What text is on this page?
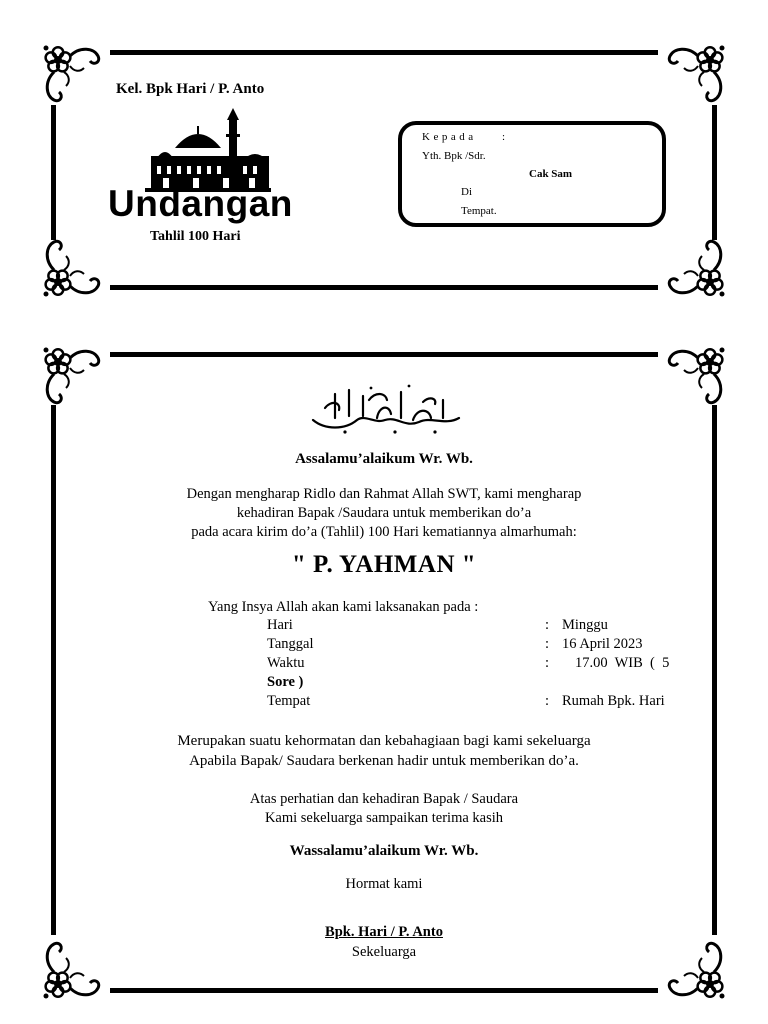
Kel. Bpk Hari / P. Anto
Undangan
Tahlil 100 Hari
Kepada :
Yth. Bpk /Sdr.
Cak Sam
Di
Tempat.
Assalamu’alaikum Wr. Wb.
Dengan mengharap Ridlo dan Rahmat Allah SWT, kami mengharap
kehadiran Bapak /Saudara untuk memberikan do’a
pada acara kirim do’a (Tahlil) 100 Hari kematiannya almarhumah:
" P. YAHMAN "
Yang Insya Allah akan kami laksanakan pada :
Hari	: Minggu
Tanggal	: 16 April 2023
Waktu	: 17.00  WIB  (  5
Sore )
Tempat	: Rumah Bpk. Hari
Merupakan suatu kehormatan dan kebahagiaan bagi kami sekeluarga
Apabila Bapak/ Saudara berkenan hadir untuk memberikan do’a.
Atas perhatian dan kehadiran Bapak / Saudara
Kami sekeluarga sampaikan terima kasih
Wassalamu’alaikum Wr. Wb.
Hormat kami
Bpk. Hari / P. Anto
Sekeluarga
